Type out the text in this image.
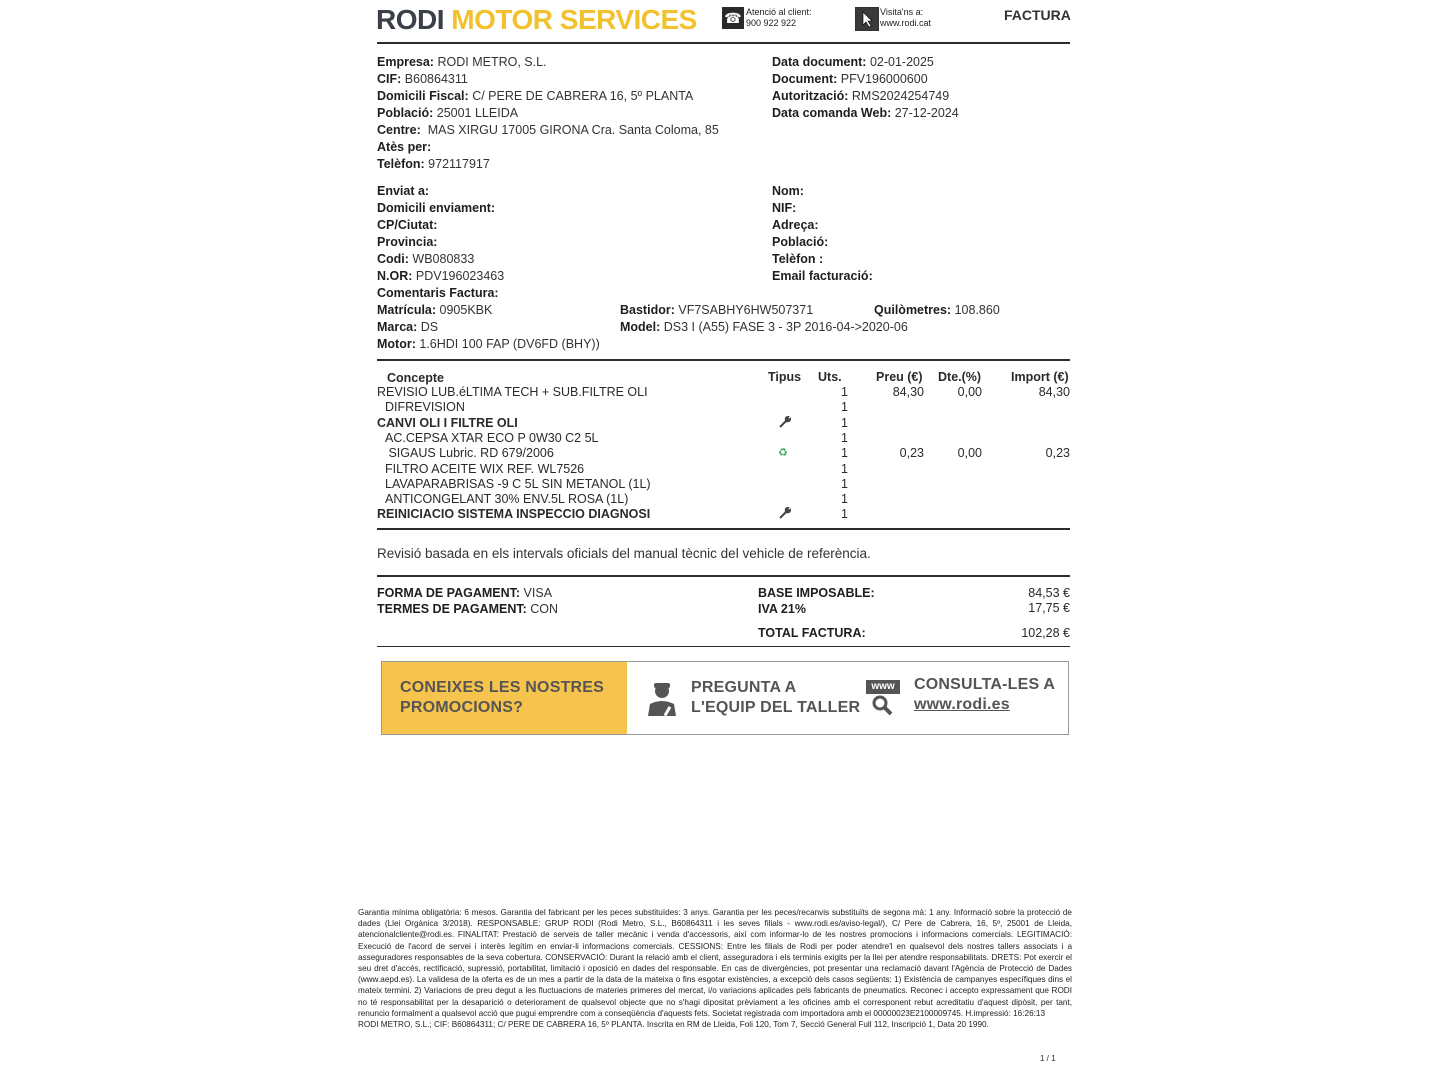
RODI MOTOR SERVICES ☎ Atenció al client:
900 922 922
Visita'ns a:
www.rodi.cat	FACTURA
Empresa: RODI METRO, S.L.
CIF: B60864311
Domicili Fiscal: C/ PERE DE CABRERA 16, 5º PLANTA
Població: 25001 LLEIDA
Centre: MAS XIRGU 17005 GIRONA Cra. Santa Coloma, 85
Atès per:
Telèfon: 972117917
Data document: 02-01-2025
Document: PFV196000600
Autorització: RMS2024254749
Data comanda Web: 27-12-2024
Enviat a:
Domicili enviament:
CP/Ciutat:
Provincia:
Codi: WB080833
N.OR: PDV196023463
Comentaris Factura:
Matrícula: 0905KBK
Marca: DS
Motor: 1.6HDI 100 FAP (DV6FD (BHY))
Nom:
NIF:
Adreça:
Població:
Telèfon :
Email facturació:
Bastidor: VF7SABHY6HW507371
Model: DS3 I (A55) FASE 3 - 3P 2016-04->2020-06
Quilòmetres: 108.860
Concepte	Tipus Uts.	Preu (€) Dte.(%) Import (€)
REVISIO LUB.éLTIMA TECH + SUB.FILTRE OLI	1	84,30	0,00	84,30
DIFREVISION	1
CANVI OLI I FILTRE OLI	1
AC.CEPSA XTAR ECO P 0W30 C2 5L	1
SIGAUS Lubric. RD 679/2006	1	0,23	0,00	0,23
♻
FILTRO ACEITE WIX REF. WL7526	1
LAVAPARABRISAS -9 C 5L SIN METANOL (1L)	1
ANTICONGELANT 30% ENV.5L ROSA (1L)	1
REINICIACIO SISTEMA INSPECCIO DIAGNOSI	1
Revisió basada en els intervals oficials del manual tècnic del vehicle de referència.
FORMA DE PAGAMENT: VISA
TERMES DE PAGAMENT: CON
BASE IMPOSABLE:	84,53 €
IVA 21%	17,75 €
TOTAL FACTURA:	102,28 €
CONEIXES LES NOSTRES
PROMOCIONS?
PREGUNTA A
L'EQUIP DEL TALLER
www	CONSULTA-LES A
www.rodi.es
Garantia mínima obligatòria: 6 mesos. Garantia del fabricant per les peces substituïdes: 3 anys. Garantia per les peces/recanvis substituïts de segona mà: 1 any. Informació sobre la protecció de dades (Llei Orgànica 3/2018). RESPONSABLE: GRUP RODI (Rodi Metro, S.L., B60864311 i les seves filials - www.rodi.es/aviso-legal/), C/ Pere de Cabrera, 16, 5º, 25001 de Lleida, atencionalcliente@rodi.es. FINALITAT: Prestació de serveis de taller mecànic i venda d'accessoris, així com informar-lo de les nostres promocions i informacions comercials. LEGITIMACIÓ: Execució de l'acord de servei i interès legítim en enviar-li informacions comercials. CESSIONS: Entre les filials de Rodi per poder atendre'l en qualsevol dels nostres tallers associats i a asseguradores responsables de la seva cobertura. CONSERVACIÓ: Durant la relació amb el client, asseguradora i els terminis exigits per la llei per atendre responsabilitats. DRETS: Pot exercir el seu dret d'accés, rectificació, supressió, portabilitat, limitació i oposició en dades del responsable. En cas de divergències, pot presentar una reclamació davant l'Agència de Protecció de Dades (www.aepd.es). La validesa de la oferta es de un mes a partir de la data de la mateixa o fins esgotar existències, a excepció dels casos següents: 1) Existència de campanyes específiques dins el mateix termini. 2) Variacions de preu degut a les fluctuacions de materies primeres del mercat, i/o variacions aplicades pels fabricants de pneumatics. Reconec i accepto expressament que RODI no té responsabilitat per la desaparició o deteriorament de qualsevol objecte que no s'hagi dipositat prèviament a les oficines amb el corresponent rebut acreditatiu d'aquest dipòsit, per tant, renuncio formalment a qualsevol acció que pugui emprendre com a conseqüència d'aquests fets. Societat registrada com importadora amb el 00000023E2100009745. H.impressió: 16:26:13
RODI METRO, S.L.; CIF: B60864311; C/ PERE DE CABRERA 16, 5º PLANTA. Inscrita en RM de Lleida, Foli 120, Tom 7, Secció General Full 112, Inscripció 1, Data 20 1990.
1 / 1
